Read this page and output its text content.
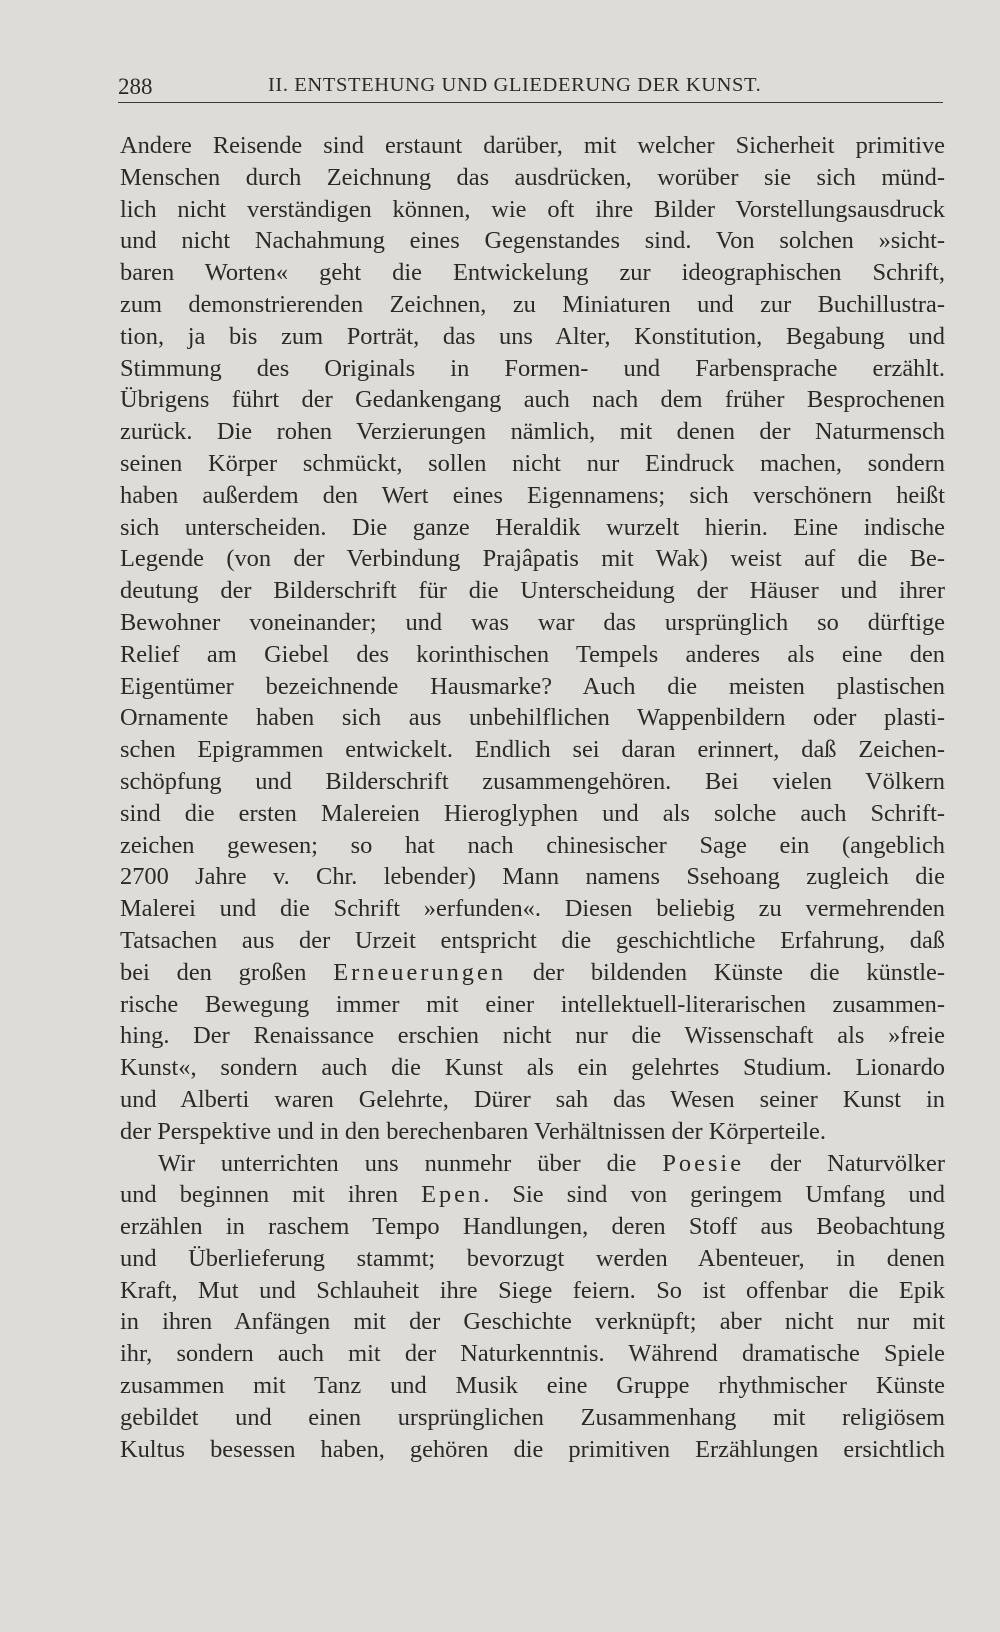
288	II. ENTSTEHUNG UND GLIEDERUNG DER KUNST.
Andere Reisende sind erstaunt darüber, mit welcher Sicherheit primitive
Menschen durch Zeichnung das ausdrücken, worüber sie sich münd-
lich nicht verständigen können, wie oft ihre Bilder Vorstellungsausdruck
und nicht Nachahmung eines Gegenstandes sind. Von solchen »sicht-
baren Worten« geht die Entwickelung zur ideographischen Schrift,
zum demonstrierenden Zeichnen, zu Miniaturen und zur Buchillustra-
tion, ja bis zum Porträt, das uns Alter, Konstitution, Begabung und
Stimmung des Originals in Formen- und Farbensprache erzählt.
Übrigens führt der Gedankengang auch nach dem früher Besprochenen
zurück. Die rohen Verzierungen nämlich, mit denen der Naturmensch
seinen Körper schmückt, sollen nicht nur Eindruck machen, sondern
haben außerdem den Wert eines Eigennamens; sich verschönern heißt
sich unterscheiden. Die ganze Heraldik wurzelt hierin. Eine indische
Legende (von der Verbindung Prajâpatis mit Wak) weist auf die Be-
deutung der Bilderschrift für die Unterscheidung der Häuser und ihrer
Bewohner voneinander; und was war das ursprünglich so dürftige
Relief am Giebel des korinthischen Tempels anderes als eine den
Eigentümer bezeichnende Hausmarke? Auch die meisten plastischen
Ornamente haben sich aus unbehilflichen Wappenbildern oder plasti-
schen Epigrammen entwickelt. Endlich sei daran erinnert, daß Zeichen-
schöpfung und Bilderschrift zusammengehören. Bei vielen Völkern
sind die ersten Malereien Hieroglyphen und als solche auch Schrift-
zeichen gewesen; so hat nach chinesischer Sage ein (angeblich
2700 Jahre v. Chr. lebender) Mann namens Ssehoang zugleich die
Malerei und die Schrift »erfunden«. Diesen beliebig zu vermehrenden
Tatsachen aus der Urzeit entspricht die geschichtliche Erfahrung, daß
bei den großen Erneuerungen der bildenden Künste die künstle-
rische Bewegung immer mit einer intellektuell-literarischen zusammen-
hing. Der Renaissance erschien nicht nur die Wissenschaft als »freie
Kunst«, sondern auch die Kunst als ein gelehrtes Studium. Lionardo
und Alberti waren Gelehrte, Dürer sah das Wesen seiner Kunst in
der Perspektive und in den berechenbaren Verhältnissen der Körperteile.
Wir unterrichten uns nunmehr über die Poesie der Naturvölker
und beginnen mit ihren Epen. Sie sind von geringem Umfang und
erzählen in raschem Tempo Handlungen, deren Stoff aus Beobachtung
und Überlieferung stammt; bevorzugt werden Abenteuer, in denen
Kraft, Mut und Schlauheit ihre Siege feiern. So ist offenbar die Epik
in ihren Anfängen mit der Geschichte verknüpft; aber nicht nur mit
ihr, sondern auch mit der Naturkenntnis. Während dramatische Spiele
zusammen mit Tanz und Musik eine Gruppe rhythmischer Künste
gebildet und einen ursprünglichen Zusammenhang mit religiösem
Kultus besessen haben, gehören die primitiven Erzählungen ersichtlich
